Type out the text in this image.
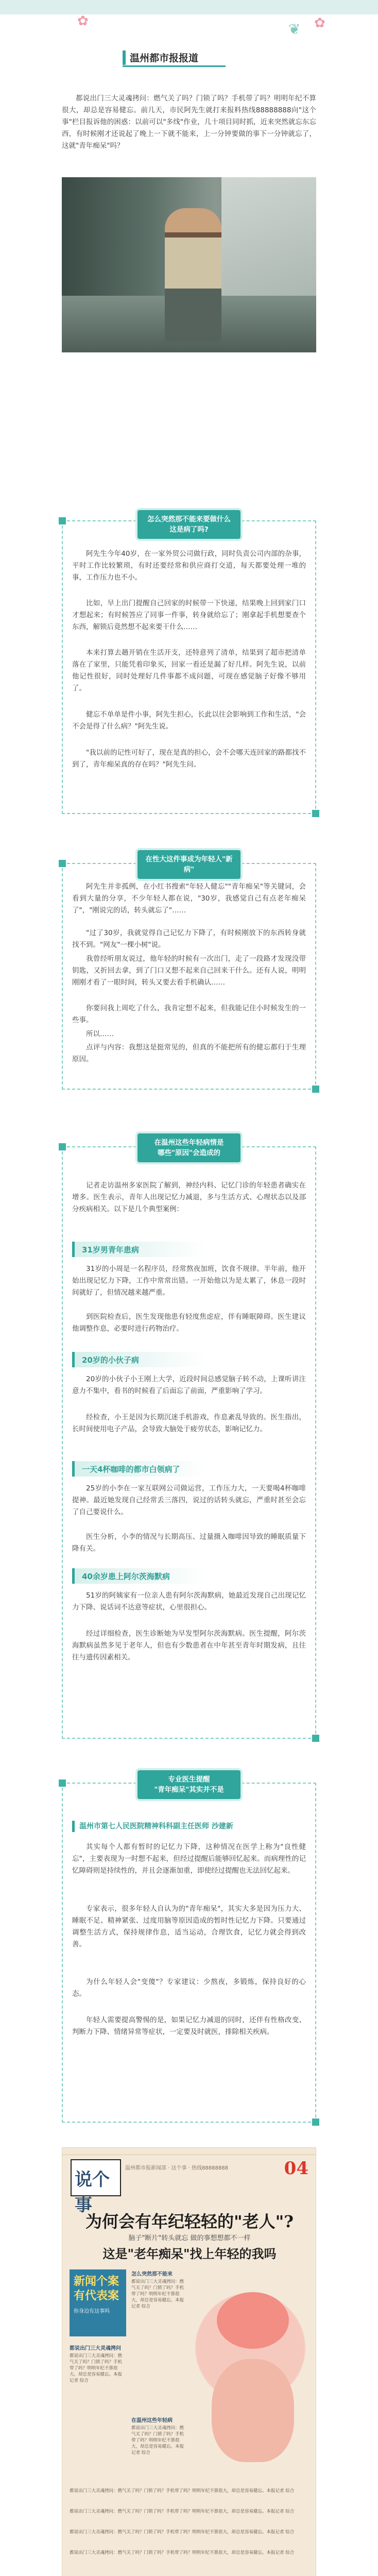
✿	✿
❦
温州都市报报道

都说出门三大灵魂拷问：燃气关了吗？门锁了吗？手机带了吗？明明年纪不算很大，却总是容易健忘。前几天，市民阿先生就打来报料热线88888888向"这个事"栏目报诉他的困惑：以前可以"多线"作业，几十项目同时抓，近来突然就忘东忘西，有时候刚才还说起了晚上一下就不能来，上一分钟要做的事下一分钟就忘了，这就"青年痴呆"吗？

怎么突然那不能来要做什么
这是病了吗?

阿先生今年40岁，在一家外贸公司做行政，同时负责公司内部的杂事，平时工作比较繁琐，有时还要经常和供应商打交道，每天都要处理一堆的事，工作压力也不小。

比如，早上出门提醒自己回家的时候带一下快递，结果晚上回到家门口才想起来；有时候答应了同事一件事，转身就给忘了；刚拿起手机想要查个东西，解锁后竟然想不起来要干什么……

本来打算去趟开销在生活开支，还特意列了清单，结果到了超市把清单落在了家里，只能凭着印象买，回家一看还是漏了好几样。阿先生说，以前他记性很好，同时处理好几件事都不成问题，可现在感觉脑子好像不够用了。

健忘不单单是件小事，阿先生担心，长此以往会影响到工作和生活，"会不会是得了什么病？"阿先生说。

"我以前的记性可好了，现在是真的担心，会不会哪天连回家的路都找不到了，青年痴呆真的存在吗？"阿先生问。

在性大这件事成为年轻人"新病"

阿先生并非孤例，在小红书搜索"年轻人健忘""青年痴呆"等关键词，会看到大量的分享，不少年轻人都在说，"30岁，我感觉自己有点老年痴呆了"，"刚说完的话，转头就忘了"……

"过了30岁，我就觉得自己记忆力下降了，有时候刚放下的东西转身就找不到。"网友"一棵小树"说。

我曾经听朋友说过，他年轻的时候有一次出门，走了一段路才发现没带钥匙，又折回去拿，到了门口又想不起来自己回来干什么。还有人说，明明刚刚才看了一眼时间，转头又要去看手机确认……

你要问我上周吃了什么，我肯定想不起来，但我能记住小时候发生的一些事。

所以……

点评与内容：我想这是挺常见的，但真的不能把所有的健忘都归于生理原因。

在温州这些年轻病情是
哪些"原因"会造成的

记者走访温州多家医院了解到，神经内科、记忆门诊的年轻患者确实在增多。医生表示，青年人出现记忆力减退，多与生活方式、心理状态以及部分疾病相关。以下是几个典型案例：

31岁男青年患病

31岁的小周是一名程序员，经常熬夜加班，饮食不规律。半年前，他开始出现记忆力下降，工作中常常出错。一开始他以为是太累了，休息一段时间就好了，但情况越来越严重。

到医院检查后，医生发现他患有轻度焦虑症，伴有睡眠障碍。医生建议他调整作息，必要时进行药物治疗。

20岁的小伙子病

20岁的小伙子小王刚上大学，近段时间总感觉脑子转不动，上课听讲注意力不集中，看书的时候看了后面忘了前面，严重影响了学习。

经检查，小王是因为长期沉迷手机游戏，作息紊乱导致的。医生指出，长时间使用电子产品，会导致大脑处于疲劳状态，影响记忆力。

一天4杯咖啡的都市白领病了

25岁的小李在一家互联网公司做运营，工作压力大，一天要喝4杯咖啡提神。最近她发现自己经常丢三落四，说过的话转头就忘，严重时甚至会忘了自己要说什么。

医生分析，小李的情况与长期高压、过量摄入咖啡因导致的睡眠质量下降有关。

40余岁患上阿尔茨海默病

51岁的阿姨家有一位亲人患有阿尔茨海默病，她最近发现自己出现记忆力下降、说话词不达意等症状，心里很担心。

经过详细检查，医生诊断她为早发型阿尔茨海默病。医生提醒，阿尔茨海默病虽然多见于老年人，但也有少数患者在中年甚至青年时期发病，且往往与遗传因素相关。

专业医生提醒
"青年痴呆"其实并不是
温州市第七人民医院精神科科副主任医师 沙建新

其实每个人都有暂时的记忆力下降，这种情况在医学上称为"良性健忘"，主要表现为一时想不起来，但经过提醒后能够回忆起来。而病理性的记忆障碍则是持续性的，并且会逐渐加重，即使经过提醒也无法回忆起来。

专家表示，很多年轻人自认为的"青年痴呆"，其实大多是因为压力大、睡眠不足、精神紧张、过度用脑等原因造成的暂时性记忆力下降。只要通过调整生活方式，保持规律作息，适当运动，合理饮食，记忆力就会得到改善。

为什么年轻人会"变傻"？专家建议：少熬夜，多锻炼，保持良好的心态。

年轻人需要提高警惕的是，如果记忆力减退的同时，还伴有性格改变、判断力下降、情绪异常等症状，一定要及时就医，排除相关疾病。

说个事
温州都市报新闻部 · 这个事 · 热线88888888	04
为何会有年纪轻轻的"老人"?
脑子"断片"转头就忘 做的事想想都不一样
这是"老年痴呆"找上年轻的我吗
新闻个案有代表案
你身边有这事吗
都说出门三大灵魂拷问
都说出门三大灵魂拷问：燃气关了吗？门锁了吗？手机带了吗？明明年纪不算很大，却总是容易健忘。本报记者 综合
怎么突然那不能来
都说出门三大灵魂拷问：燃气关了吗？门锁了吗？手机带了吗？明明年纪不算很大，却总是容易健忘。本报记者 综合
在温州这些年轻病
都说出门三大灵魂拷问：燃气关了吗？门锁了吗？手机带了吗？明明年纪不算很大，却总是容易健忘。本报记者 综合
都说出门三大灵魂拷问：燃气关了吗？门锁了吗？手机带了吗？明明年纪不算很大，却总是容易健忘。本报记者 综合
都说出门三大灵魂拷问：燃气关了吗？门锁了吗？手机带了吗？明明年纪不算很大，却总是容易健忘。本报记者 综合
都说出门三大灵魂拷问：燃气关了吗？门锁了吗？手机带了吗？明明年纪不算很大，却总是容易健忘。本报记者 综合
都说出门三大灵魂拷问：燃气关了吗？门锁了吗？手机带了吗？明明年纪不算很大，却总是容易健忘。本报记者 综合
